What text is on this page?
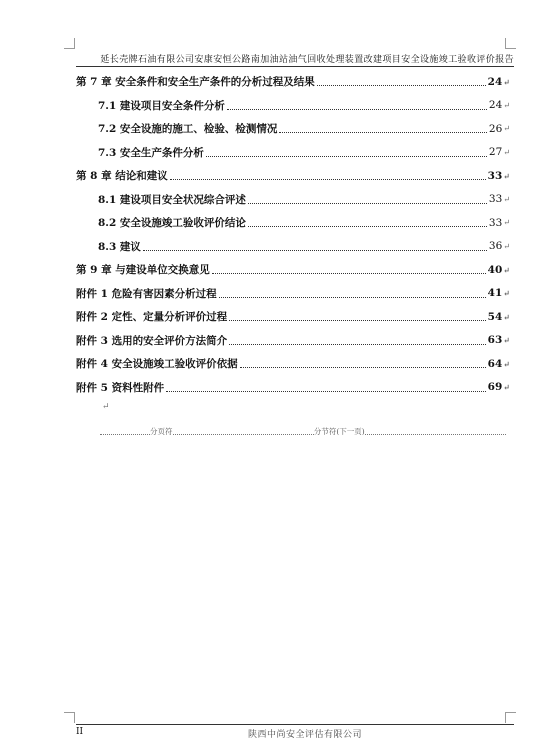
延长壳牌石油有限公司安康安恒公路南加油站油气回收处理装置改建项目安全设施竣工验收评价报告
第 7 章 安全条件和安全生产条件的分析过程及结果	24 ↵
7.1 建设项目安全条件分析	24 ↵
7.2 安全设施的施工、检验、检测情况	26 ↵
7.3 安全生产条件分析	27 ↵
第 8 章 结论和建议	33 ↵
8.1 建设项目安全状况综合评述	33 ↵
8.2 安全设施竣工验收评价结论	33 ↵
8.3 建议	36 ↵
第 9 章 与建设单位交换意见	40 ↵
附件 1 危险有害因素分析过程	41 ↵
附件 2 定性、定量分析评价过程	54 ↵
附件 3 选用的安全评价方法简介	63 ↵
附件 4 安全设施竣工验收评价依据	64 ↵
附件 5 资料性附件	69 ↵
↵
分页符	分节符(下一页)
II	陕西中尚安全评估有限公司
